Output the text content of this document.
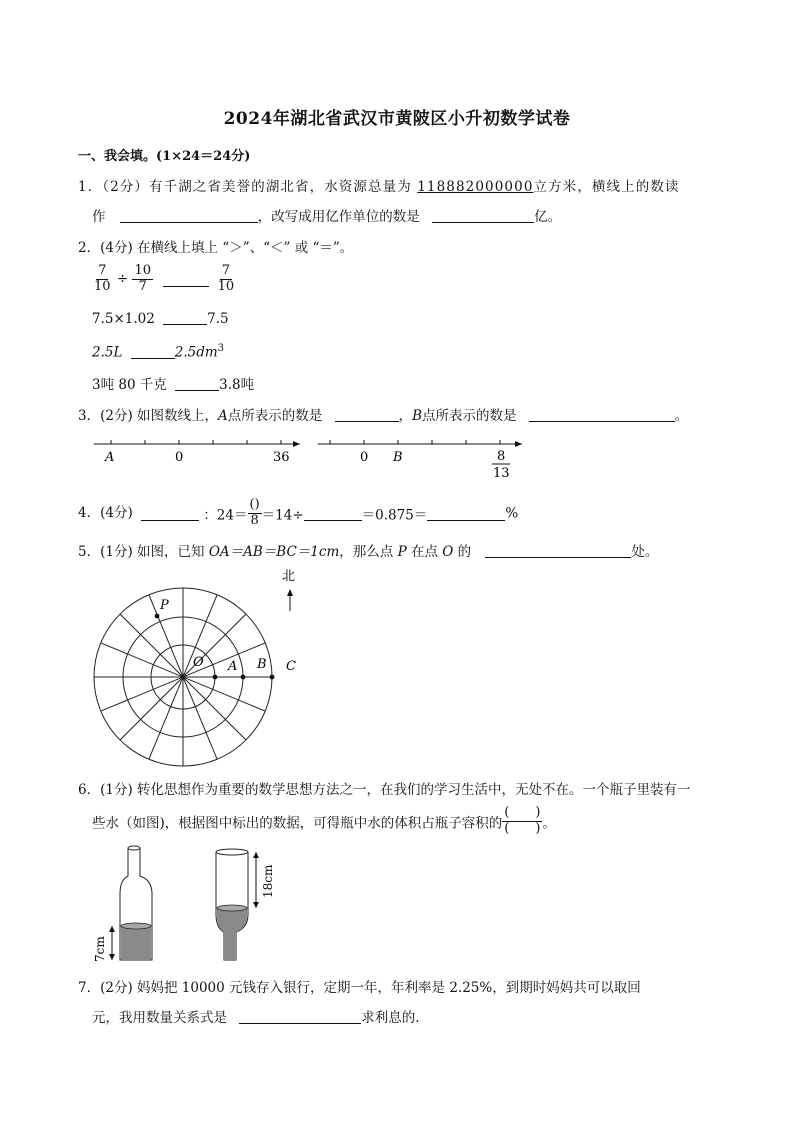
2024年湖北省武汉市黄陂区小升初数学试卷
一、我会填。(1×24＝24分)
1．（2分）有千湖之省美誉的湖北省，水资源总量为 118882000000立方米，横线上的数读
作	，改写成用亿作单位的数是	亿。
2．(4分) 在横线上填上 “＞”、“＜” 或 “＝”。
$\frac{7}{10} \div \frac{10}{7}$
	$\frac{7}{10}$
7.5×1.02	7.5
2.5L	$2.5dm^3$
3吨 80 千克	3.8吨
3．(2分) 如图数线上，A点所表示的数是	，B点所表示的数是	。
A	0	36	0 B	8
13
4．(4分)	：$24= \frac{()}{8} =14\div$	＝0.875＝	%
5．(1分) 如图，已知 OA＝AB＝BC＝1cm，那么点 P 在点 O 的	处。
北
P
O A B C
6．(1分) 转化思想作为重要的数学思想方法之一，在我们的学习生活中，无处不在。一个瓶子里装有一
些水（如图)，根据图中标出的数据，可得瓶中水的体积占瓶子容积的 $\frac{( )}{( )}$ 。
7cm
18cm
7．(2分) 妈妈把 10000 元钱存入银行，定期一年，年利率是 2.25%，到期时妈妈共可以取回
元，我用数量关系式是	求利息的.
